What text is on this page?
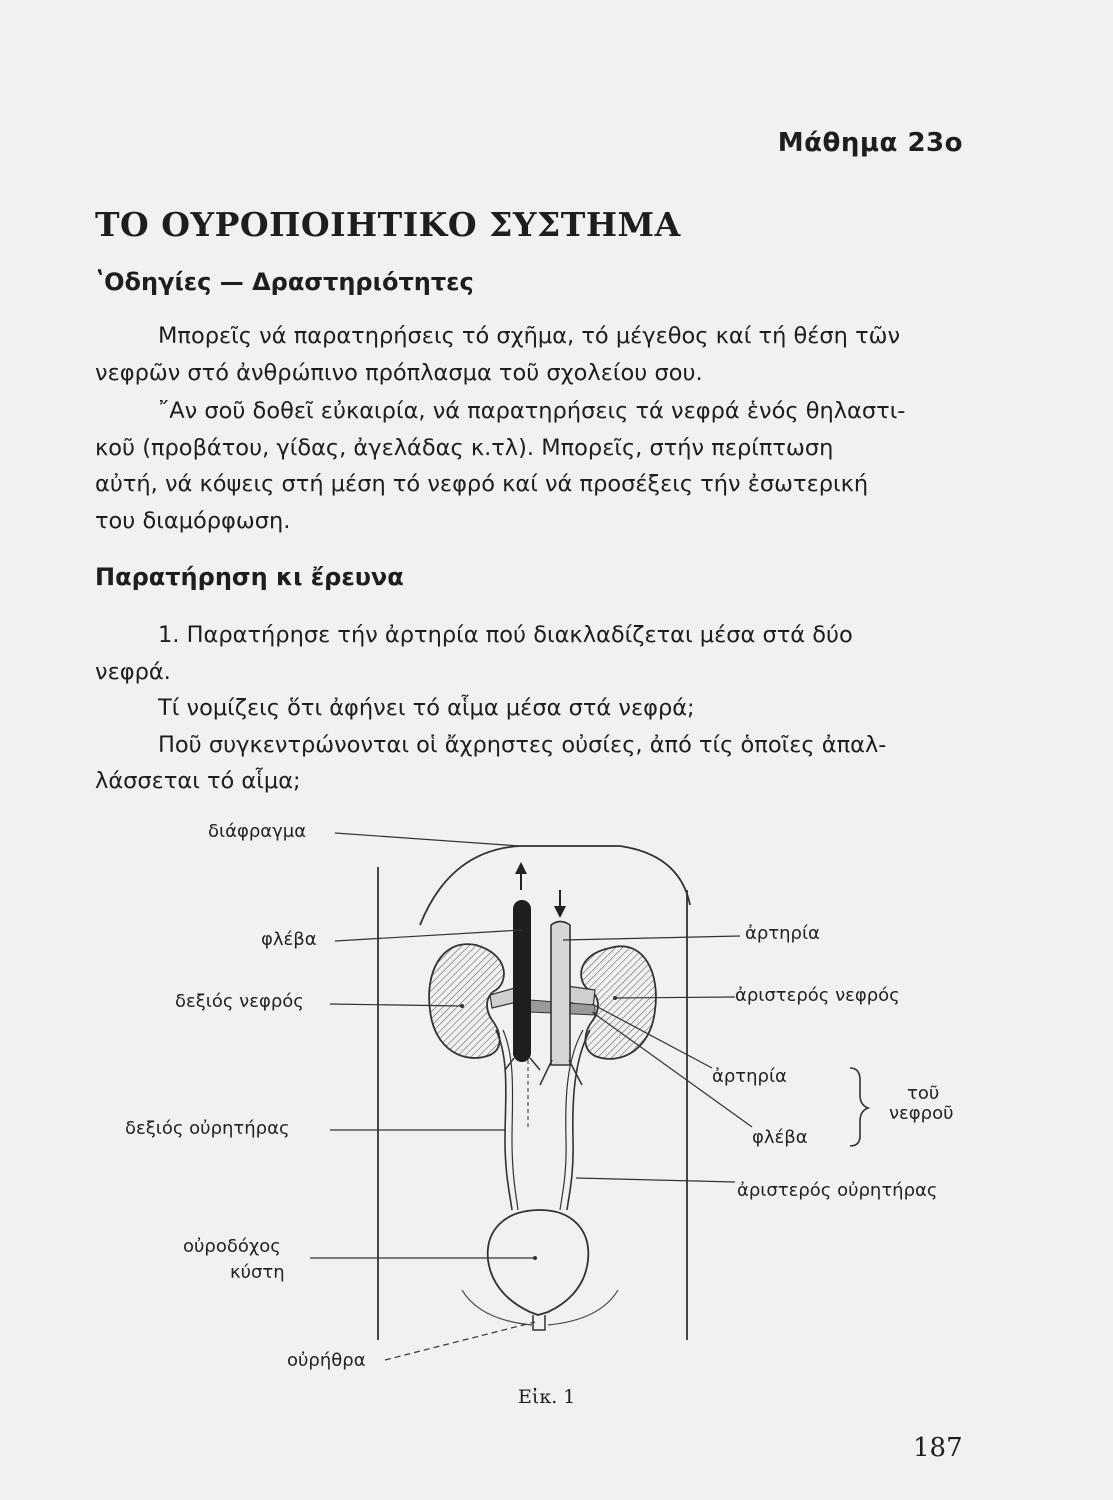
Μάθημα 23ο
ΤΟ ΟΥΡΟΠΟΙΗΤΙΚΟ ΣΥΣΤΗΜΑ
ʽΟδηγίες — Δραστηριότητες
Μπορεῖς νά παρατηρήσεις τό σχῆμα, τό μέγεθος καί τή θέση τῶν
νεφρῶν στό ἀνθρώπινο πρόπλασμα τοῦ σχολείου σου.
῎Αν σοῦ δοθεῖ εὐκαιρία, νά παρατηρήσεις τά νεφρά ἑνός θηλαστι-
κοῦ (προβάτου, γίδας, ἀγελάδας κ.τλ). Μπορεῖς, στήν περίπτωση
αὐτή, νά κόψεις στή μέση τό νεφρό καί νά προσέξεις τήν ἐσωτερική
του διαμόρφωση.
Παρατήρηση κι ἔρευνα
1. Παρατήρησε τήν ἀρτηρία πού διακλαδίζεται μέσα στά δύο
νεφρά.
Τί νομίζεις ὅτι ἀφήνει τό αἷμα μέσα στά νεφρά;
Ποῦ συγκεντρώνονται οἱ ἄχρηστες οὐσίες, ἀπό τίς ὁποῖες ἀπαλ-
λάσσεται τό αἷμα;
διάφραγμα
φλέβα
δεξιός νεφρός
δεξιός οὐρητήρας
οὐροδόχος
κύστη
οὐρήθρα
ἀρτηρία
ἀριστερός νεφρός
ἀρτηρία
φλέβα
τοῦ
νεφροῦ
ἀριστερός οὐρητήρας
Εἰκ. 1
187
